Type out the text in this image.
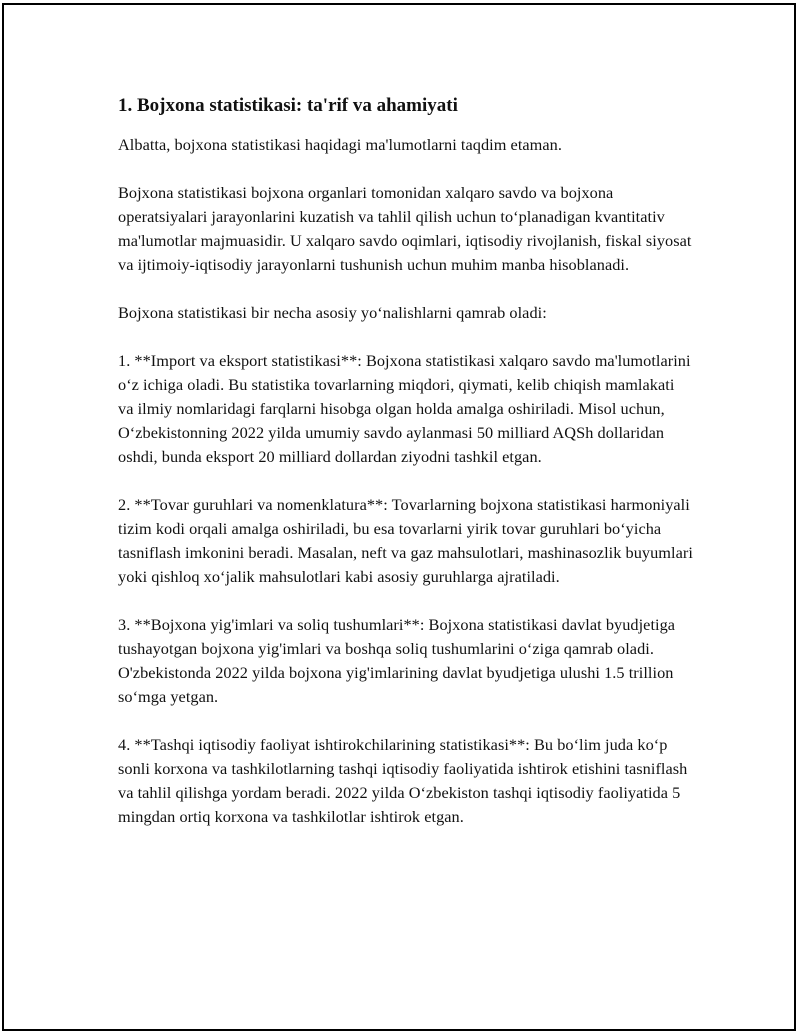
1. Bojxona statistikasi: ta'rif va ahamiyati

Albatta, bojxona statistikasi haqidagi ma'lumotlarni taqdim etaman.

Bojxona statistikasi bojxona organlari tomonidan xalqaro savdo va bojxona operatsiyalari jarayonlarini kuzatish va tahlil qilish uchun to‘planadigan kvantitativ ma'lumotlar majmuasidir. U xalqaro savdo oqimlari, iqtisodiy rivojlanish, fiskal siyosat va ijtimoiy-iqtisodiy jarayonlarni tushunish uchun muhim manba hisoblanadi.

Bojxona statistikasi bir necha asosiy yo‘nalishlarni qamrab oladi:

1. **Import va eksport statistikasi**: Bojxona statistikasi xalqaro savdo ma'lumotlarini o‘z ichiga oladi. Bu statistika tovarlarning miqdori, qiymati, kelib chiqish mamlakati va ilmiy nomlaridagi farqlarni hisobga olgan holda amalga oshiriladi. Misol uchun, O‘zbekistonning 2022 yilda umumiy savdo aylanmasi 50 milliard AQSh dollaridan oshdi, bunda eksport 20 milliard dollardan ziyodni tashkil etgan.

2. **Tovar guruhlari va nomenklatura**: Tovarlarning bojxona statistikasi harmoniyali tizim kodi orqali amalga oshiriladi, bu esa tovarlarni yirik tovar guruhlari bo‘yicha tasniflash imkonini beradi. Masalan, neft va gaz mahsulotlari, mashinasozlik buyumlari yoki qishloq xo‘jalik mahsulotlari kabi asosiy guruhlarga ajratiladi.

3. **Bojxona yig'imlari va soliq tushumlari**: Bojxona statistikasi davlat byudjetiga tushayotgan bojxona yig'imlari va boshqa soliq tushumlarini o‘ziga qamrab oladi. O'zbekistonda 2022 yilda bojxona yig'imlarining davlat byudjetiga ulushi 1.5 trillion so‘mga yetgan.

4. **Tashqi iqtisodiy faoliyat ishtirokchilarining statistikasi**: Bu bo‘lim juda ko‘p sonli korxona va tashkilotlarning tashqi iqtisodiy faoliyatida ishtirok etishini tasniflash va tahlil qilishga yordam beradi. 2022 yilda O‘zbekiston tashqi iqtisodiy faoliyatida 5 mingdan ortiq korxona va tashkilotlar ishtirok etgan.
